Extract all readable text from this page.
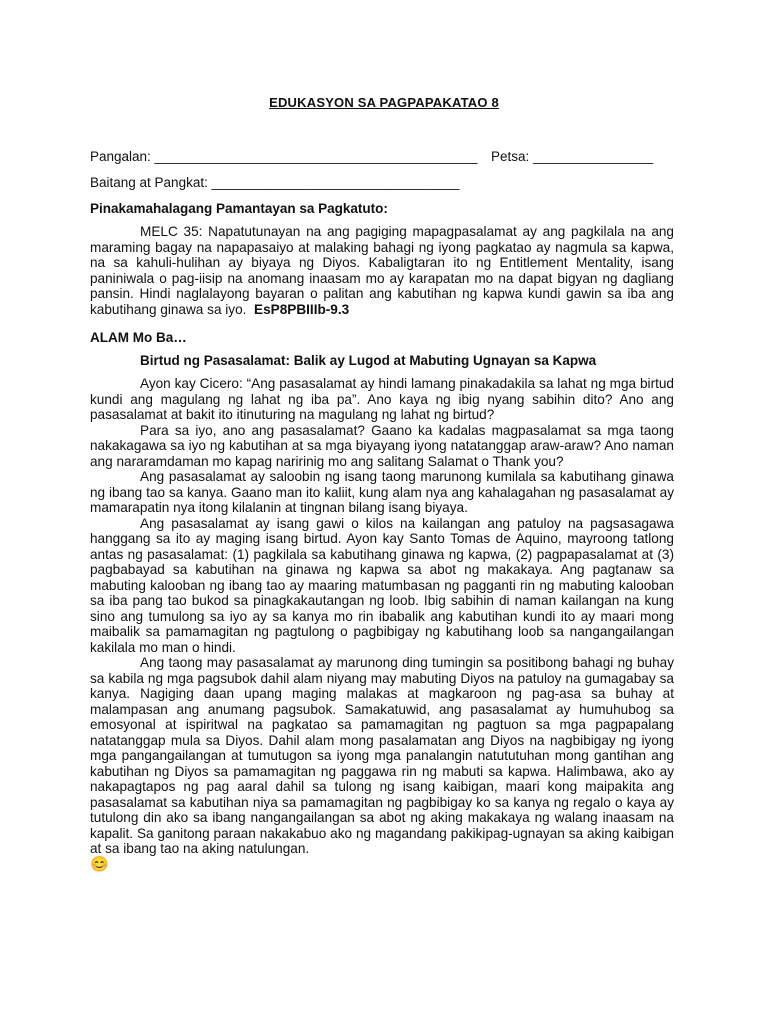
EDUKASYON SA PAGPAPAKATAO 8
Pangalan: ___________________________________________ Petsa: ________________
Baitang at Pangkat: _________________________________
Pinakamahalagang Pamantayan sa Pagkatuto:

MELC 35: Napatutunayan na ang pagiging mapagpasalamat ay ang pagkilala na ang maraming bagay na napapasaiyo at malaking bahagi ng iyong pagkatao ay nagmula sa kapwa, na sa kahuli-hulihan ay biyaya ng Diyos. Kabaligtaran ito ng Entitlement Mentality, isang paniniwala o pag-iisip na anomang inaasam mo ay karapatan mo na dapat bigyan ng dagliang pansin. Hindi naglalayong bayaran o palitan ang kabutihan ng kapwa kundi gawin sa iba ang kabutihang ginawa sa iyo. EsP8PBIIIb-9.3

ALAM Mo Ba…
Birtud ng Pasasalamat: Balik ay Lugod at Mabuting Ugnayan sa Kapwa

Ayon kay Cicero: “Ang pasasalamat ay hindi lamang pinakadakila sa lahat ng mga birtud kundi ang magulang ng lahat ng iba pa”. Ano kaya ng ibig nyang sabihin dito? Ano ang pasasalamat at bakit ito itinuturing na magulang ng lahat ng birtud?

Para sa iyo, ano ang pasasalamat? Gaano ka kadalas magpasalamat sa mga taong nakakagawa sa iyo ng kabutihan at sa mga biyayang iyong natatanggap araw-araw? Ano naman ang nararamdaman mo kapag naririnig mo ang salitang Salamat o Thank you?

Ang pasasalamat ay saloobin ng isang taong marunong kumilala sa kabutihang ginawa ng ibang tao sa kanya. Gaano man ito kaliit, kung alam nya ang kahalagahan ng pasasalamat ay mamarapatin nya itong kilalanin at tingnan bilang isang biyaya.

Ang pasasalamat ay isang gawi o kilos na kailangan ang patuloy na pagsasagawa hanggang sa ito ay maging isang birtud. Ayon kay Santo Tomas de Aquino, mayroong tatlong antas ng pasasalamat: (1) pagkilala sa kabutihang ginawa ng kapwa, (2) pagpapasalamat at (3) pagbabayad sa kabutihan na ginawa ng kapwa sa abot ng makakaya. Ang pagtanaw sa mabuting kalooban ng ibang tao ay maaring matumbasan ng pagganti rin ng mabuting kalooban sa iba pang tao bukod sa pinagkakautangan ng loob. Ibig sabihin di naman kailangan na kung sino ang tumulong sa iyo ay sa kanya mo rin ibabalik ang kabutihan kundi ito ay maari mong maibalik sa pamamagitan ng pagtulong o pagbibigay ng kabutihang loob sa nangangailangan kakilala mo man o hindi.

Ang taong may pasasalamat ay marunong ding tumingin sa positibong bahagi ng buhay sa kabila ng mga pagsubok dahil alam niyang may mabuting Diyos na patuloy na gumagabay sa kanya. Nagiging daan upang maging malakas at magkaroon ng pag-asa sa buhay at malampasan ang anumang pagsubok. Samakatuwid, ang pasasalamat ay humuhubog sa emosyonal at ispiritwal na pagkatao sa pamamagitan ng pagtuon sa mga pagpapalang natatanggap mula sa Diyos. Dahil alam mong pasalamatan ang Diyos na nagbibigay ng iyong mga pangangailangan at tumutugon sa iyong mga panalangin natututuhan mong gantihan ang kabutihan ng Diyos sa pamamagitan ng paggawa rin ng mabuti sa kapwa. Halimbawa, ako ay nakapagtapos ng pag aaral dahil sa tulong ng isang kaibigan, maari kong maipakita ang pasasalamat sa kabutihan niya sa pamamagitan ng pagbibigay ko sa kanya ng regalo o kaya ay tutulong din ako sa ibang nangangailangan sa abot ng aking makakaya ng walang inaasam na kapalit. Sa ganitong paraan nakakabuo ako ng magandang pakikipag-ugnayan sa aking kaibigan at sa ibang tao na aking natulungan.

😊
